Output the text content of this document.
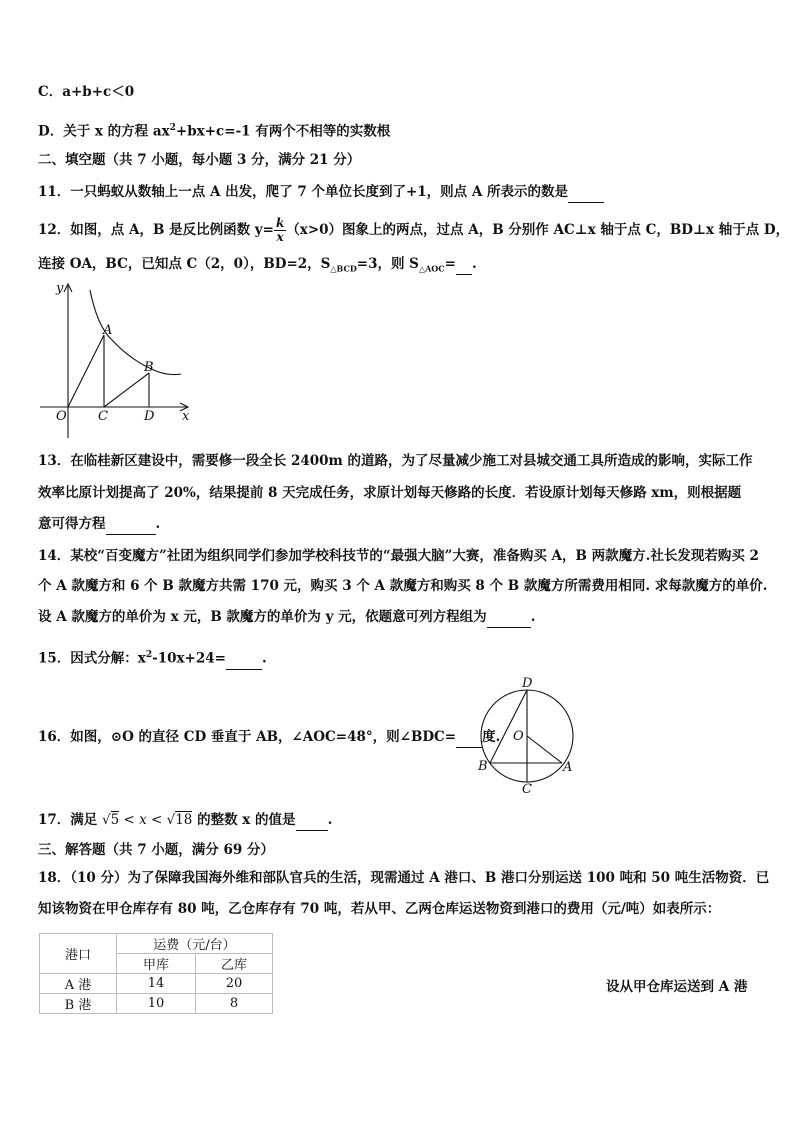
C．a+b+c＜0
D．关于 x 的方程 $ax^2+bx+c=-1$ 有两个不相等的实数根
二、填空题（共 7 小题，每小题 3 分，满分 21 分）
11．一只蚂蚁从数轴上一点 A 出发，爬了 7 个单位长度到了+1，则点 A 所表示的数是
12．如图，点 A，B 是反比例函数 $y= \frac{k}{x} (x>0)$图象上的两点，过点 A，B 分别作 AC⊥x 轴于点 C，BD⊥x 轴于点 D，
连接 OA，BC，已知点 C（2，0），BD=2，$S_{\triangle BCD}=3$，则 $S_{\triangle AOC}=$ .
y
x
O
A
B
C	D
13．在临桂新区建设中，需要修一段全长 2400m 的道路，为了尽量减少施工对县城交通工具所造成的影响，实际工作
效率比原计划提高了 20%，结果提前 8 天完成任务，求原计划每天修路的长度．若设原计划每天修路 xm，则根据题
意可得方程	.
14．某校“百变魔方”社团为组织同学们参加学校科技节的“最强大脑”大赛，准备购买 A，B 两款魔方.社长发现若购买 2
个 A 款魔方和 6 个 B 款魔方共需 170 元，购买 3 个 A 款魔方和购买 8 个 B 款魔方所需费用相同. 求每款魔方的单价.
设 A 款魔方的单价为 x 元，B 款魔方的单价为 y 元，依题意可列方程组为	.
15．因式分解：$x^2-10x+24=$	.
16．如图，⊙O 的直径 CD 垂直于 AB，∠AOC=48°，则∠BDC= 度.
D
O
B	A
C
17．满足 √5 < x < √18 的整数 x 的值是 .
三、解答题（共 7 小题，满分 69 分）
18．（10 分）为了保障我国海外维和部队官兵的生活，现需通过 A 港口、B 港口分别运送 100 吨和 50 吨生活物资．已
知该物资在甲仓库存有 80 吨，乙仓库存有 70 吨，若从甲、乙两仓库运送物资到港口的费用（元/吨）如表所示：
港口	运费（元/台）	
	甲库	乙库
A 港	14	20
B 港	10	8
设从甲仓库运送到 A 港
